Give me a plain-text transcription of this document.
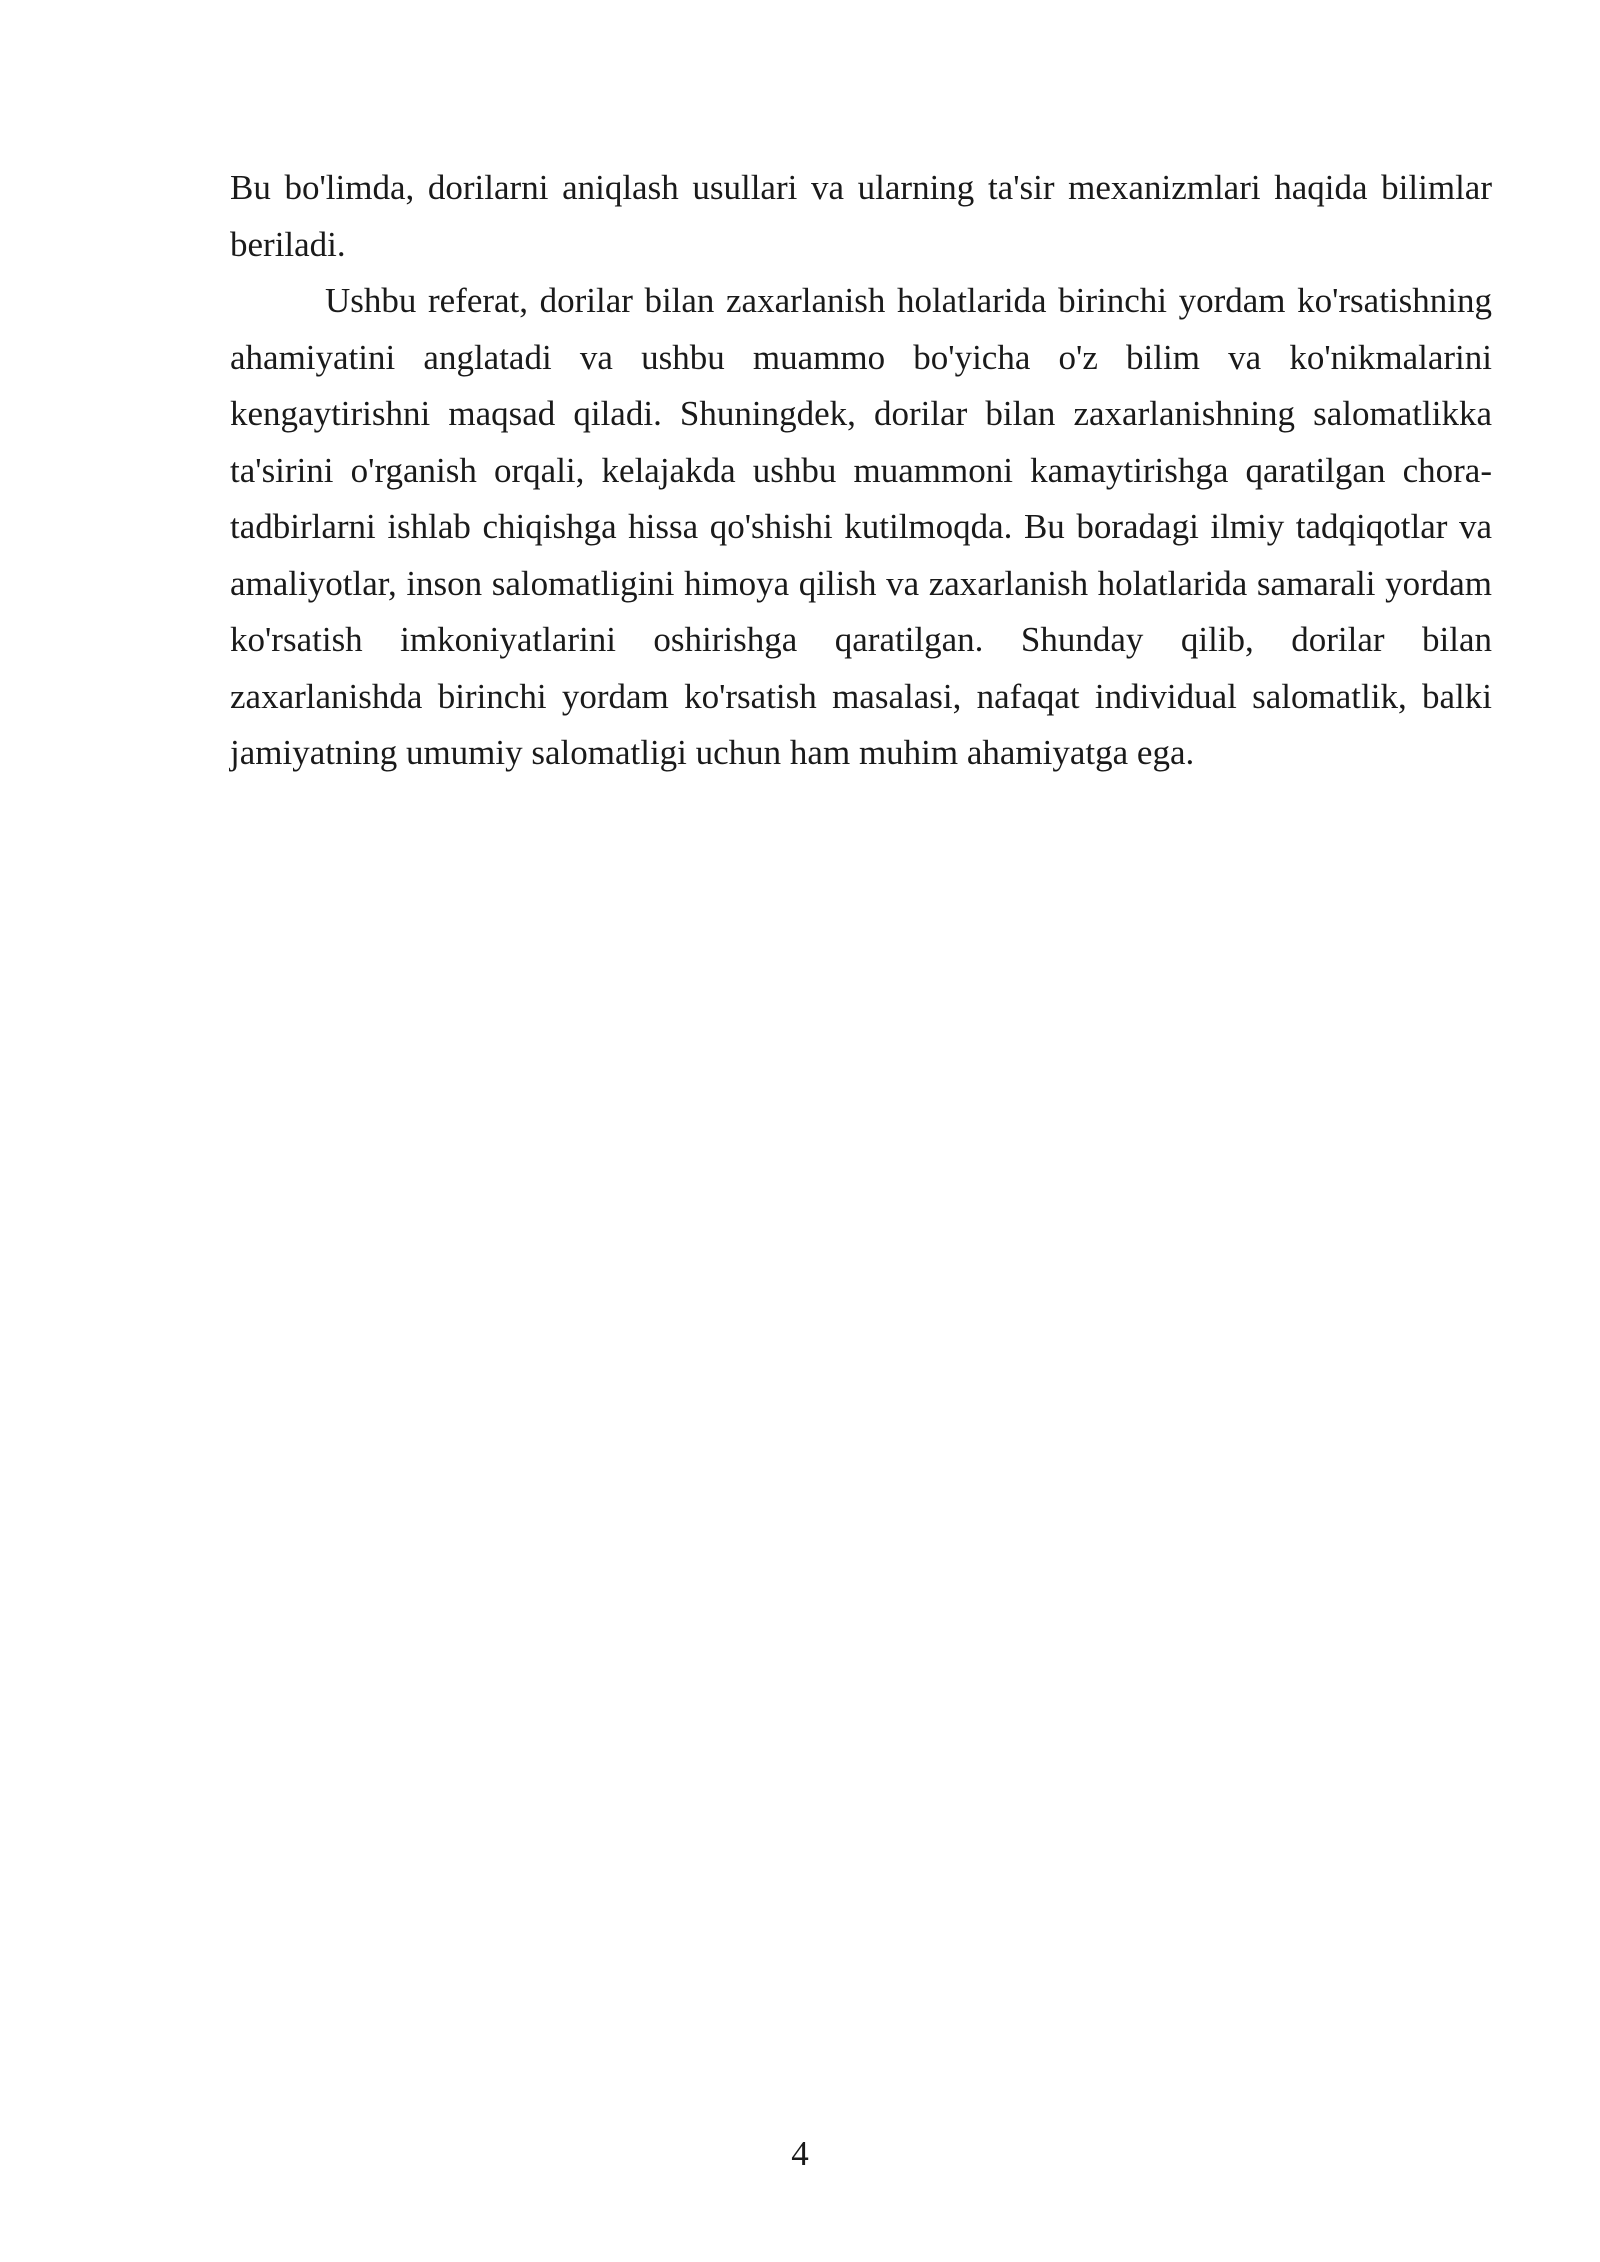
Bu bo'limda, dorilarni aniqlash usullari va ularning ta'sir mexanizmlari haqida bilimlar beriladi.

Ushbu referat, dorilar bilan zaxarlanish holatlarida birinchi yordam ko'rsatishning ahamiyatini anglatadi va ushbu muammo bo'yicha o'z bilim va ko'nikmalarini kengaytirishni maqsad qiladi. Shuningdek, dorilar bilan zaxarlanishning salomatlikka ta'sirini o'rganish orqali, kelajakda ushbu muammoni kamaytirishga qaratilgan chora-tadbirlarni ishlab chiqishga hissa qo'shishi kutilmoqda. Bu boradagi ilmiy tadqiqotlar va amaliyotlar, inson salomatligini himoya qilish va zaxarlanish holatlarida samarali yordam ko'rsatish imkoniyatlarini oshirishga qaratilgan. Shunday qilib, dorilar bilan zaxarlanishda birinchi yordam ko'rsatish masalasi, nafaqat individual salomatlik, balki jamiyatning umumiy salomatligi uchun ham muhim ahamiyatga ega.

4
